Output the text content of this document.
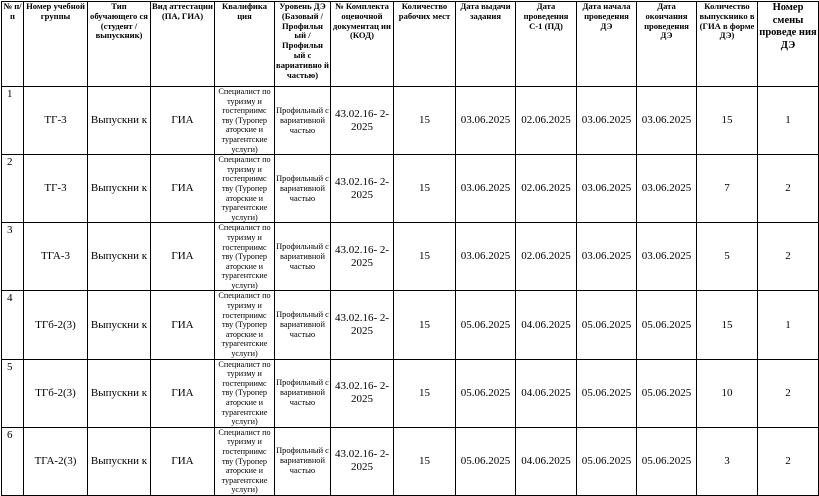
№ п/п	Номер учебной группы	Тип обучающего ся (студент /выпускник)	Вид аттестации (ПА, ГИА)	Квалифика ция	Уровень ДЭ (Базовый /Профильн ый /Профильн ый с вариативно й частью)	№ Комплекта оценочной документац ии (КОД)	Количество рабочих мест	Дата выдачи задания	Дата проведения С-1 (ПД)	Дата начала проведения ДЭ	Дата окончания проведения ДЭ	Количество выпускнико в (ГИА в форме ДЭ)	Номер смены проведе ния ДЭ
1	ТГ-3	Выпускни к	ГИА	Специалист по туризму и гостеприимс тву (Туропер аторские и турагентские услуги)	Профильный с вариативной частью	43.02.16- 2-2025	15	03.06.2025	02.06.2025	03.06.2025	03.06.2025	15	1
2	ТГ-3	Выпускни к	ГИА	Специалист по туризму и гостеприимс тву (Туропер аторские и турагентские услуги)	Профильный с вариативной частью	43.02.16- 2-2025	15	03.06.2025	02.06.2025	03.06.2025	03.06.2025	7	2
3	ТГА-3	Выпускни к	ГИА	Специалист по туризму и гостеприимс тву (Туропер аторские и турагентские услуги)	Профильный с вариативной частью	43.02.16- 2-2025	15	03.06.2025	02.06.2025	03.06.2025	03.06.2025	5	2
4	ТГб-2(3)	Выпускни к	ГИА	Специалист по туризму и гостеприимс тву (Туропер аторские и турагентские услуги)	Профильный с вариативной частью	43.02.16- 2-2025	15	05.06.2025	04.06.2025	05.06.2025	05.06.2025	15	1
5	ТГб-2(3)	Выпускни к	ГИА	Специалист по туризму и гостеприимс тву (Туропер аторские и турагентские услуги)	Профильный с вариативной частью	43.02.16- 2-2025	15	05.06.2025	04.06.2025	05.06.2025	05.06.2025	10	2
6	ТГА-2(3)	Выпускни к	ГИА	Специалист по туризму и гостеприимс тву (Туропер аторские и турагентские услуги)	Профильный с вариативной частью	43.02.16- 2-2025	15	05.06.2025	04.06.2025	05.06.2025	05.06.2025	3	2
